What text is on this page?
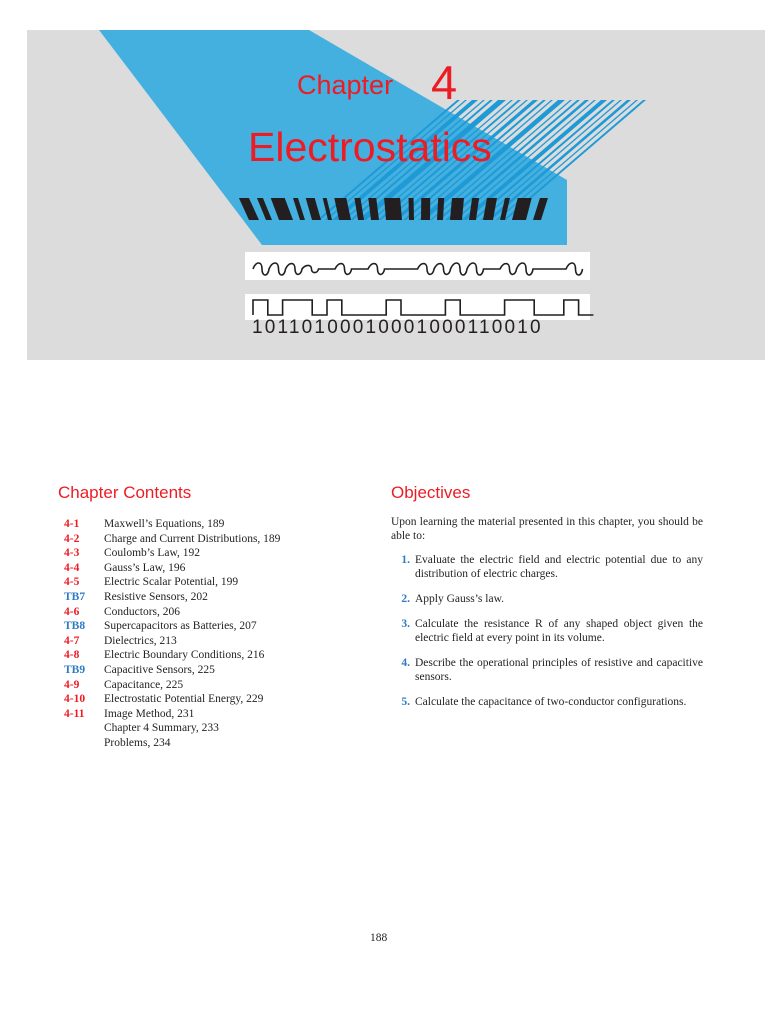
Chapter 4
Electrostatics
10110100010001000110010
Chapter Contents
4-1	Maxwell’s Equations, 189
4-2	Charge and Current Distributions, 189
4-3	Coulomb’s Law, 192
4-4	Gauss’s Law, 196
4-5	Electric Scalar Potential, 199
TB7	Resistive Sensors, 202
4-6	Conductors, 206
TB8	Supercapacitors as Batteries, 207
4-7	Dielectrics, 213
4-8	Electric Boundary Conditions, 216
TB9	Capacitive Sensors, 225
4-9	Capacitance, 225
4-10	Electrostatic Potential Energy, 229
4-11	Image Method, 231
Chapter 4 Summary, 233
Problems, 234
Objectives

Upon learning the material presented in this chapter, you should be able to:

1. Evaluate the electric field and electric potential due to any distribution of electric charges.
2. Apply Gauss’s law.
3. Calculate the resistance R of any shaped object given the electric field at every point in its volume.
4. Describe the operational principles of resistive and capacitive sensors.
5. Calculate the capacitance of two-conductor configurations.
188
